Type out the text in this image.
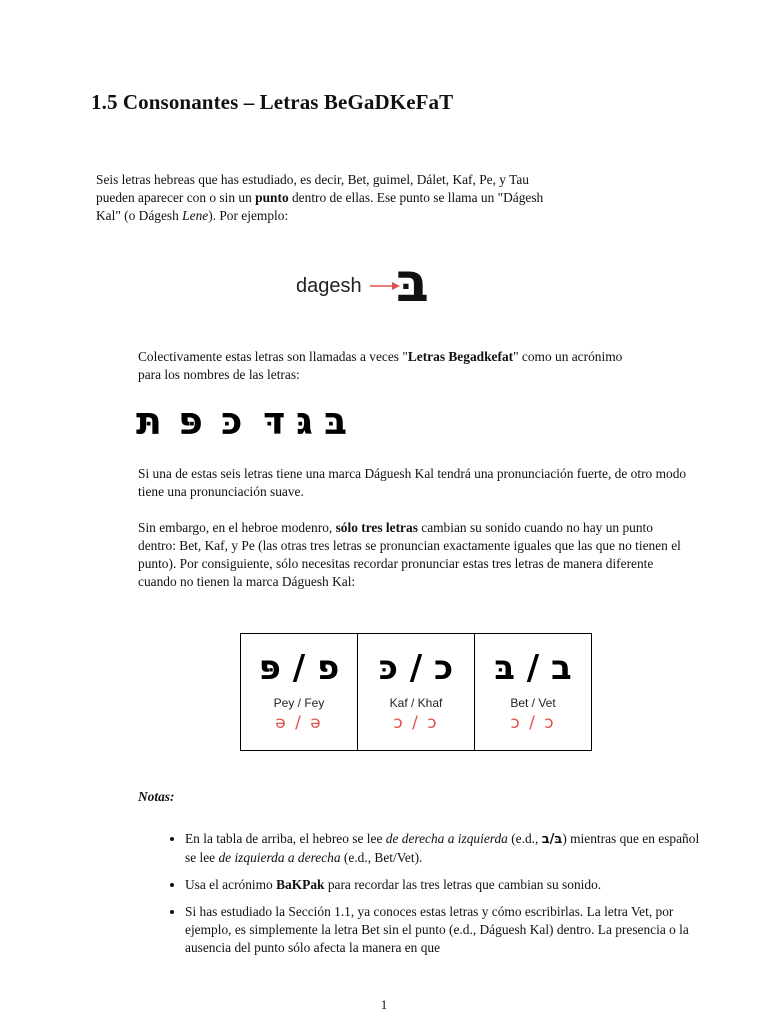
1.5 Consonantes – Letras BeGaDKeFaT

Seis letras hebreas que has estudiado, es decir, Bet, guimel, Dálet, Kaf, Pe, y Tau pueden aparecer con o sin un punto dentro de ellas. Ese punto se llama un "Dágesh Kal" (o Dágesh Lene). Por ejemplo:

dagesh בּ

Colectivamente estas letras son llamadas a veces "Letras Begadkefat" como un acrónimo para los nombres de las letras:

תּ פּ כּ דּ גּ בּ

Si una de estas seis letras tiene una marca Dáguesh Kal tendrá una pronunciación fuerte, de otro modo tiene una pronunciación suave.

Sin embargo, en el hebroe modenro, sólo tres letras cambian su sonido cuando no hay un punto dentro: Bet, Kaf, y Pe (las otras tres letras se pronuncian exactamente iguales que las que no tienen el punto). Por consiguiente, sólo necesitas recordar pronunciar estas tres letras de manera diferente cuando no tienen la marca Dáguesh Kal:

פ / פּ
Pey / Fey
ə / ə

כ / כּ
Kaf / Khaf
ɔ / ɔ

ב / בּ
Bet / Vet
ɔ / ɔ
Notas:
• En la tabla de arriba, el hebreo se lee de derecha a izquierda (e.d., בּ/ב) mientras que en español se lee de izquierda a derecha (e.d., Bet/Vet).
• Usa el acrónimo BaKPak para recordar las tres letras que cambian su sonido.
• Si has estudiado la Sección 1.1, ya conoces estas letras y cómo escribirlas. La letra Vet, por ejemplo, es simplemente la letra Bet sin el punto (e.d., Dáguesh Kal) dentro. La presencia o la ausencia del punto sólo afecta la manera en que
1
